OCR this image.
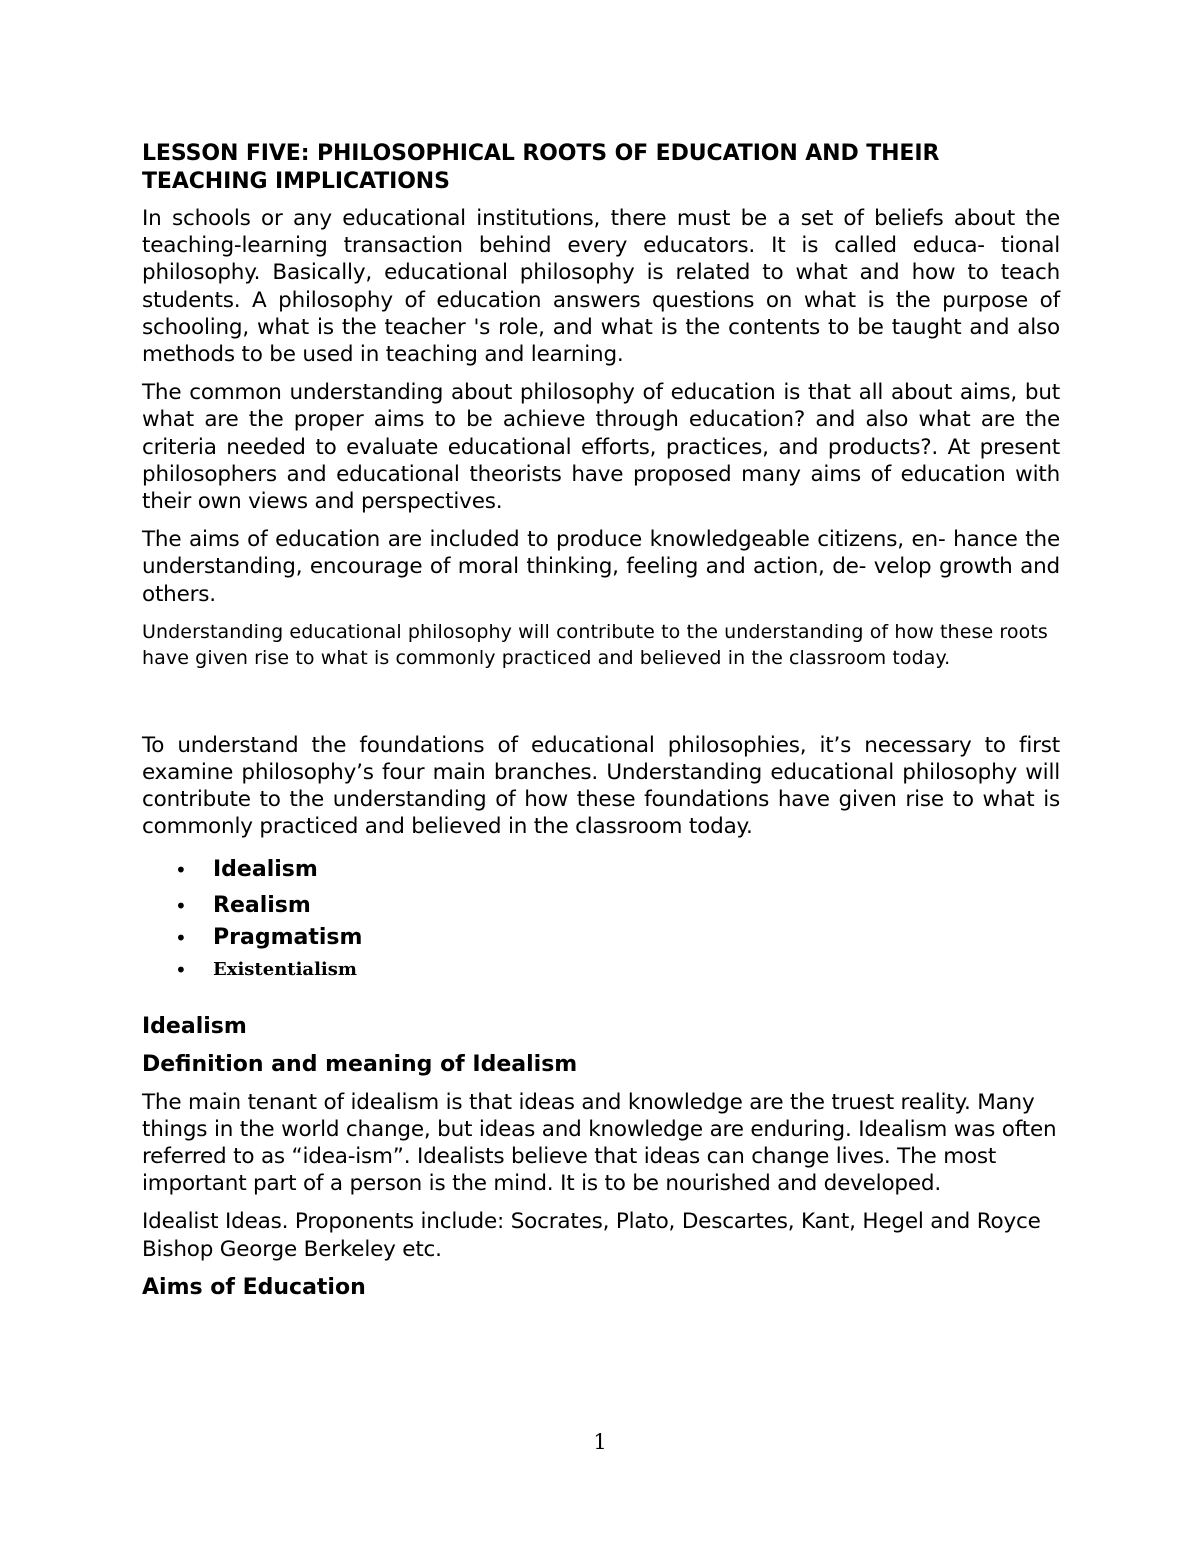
LESSON FIVE: PHILOSOPHICAL ROOTS OF EDUCATION AND THEIR TEACHING IMPLICATIONS
In schools or any educational institutions, there must be a set of beliefs about the teaching-learning transaction behind every educators. It is called educa- tional philosophy. Basically, educational philosophy is related to what and how to teach students. A philosophy of education answers questions on what is the purpose of schooling, what is the teacher 's role, and what is the contents to be taught and also methods to be used in teaching and learning.
The common understanding about philosophy of education is that all about aims, but what are the proper aims to be achieve through education? and also what are the criteria needed to evaluate educational efforts, practices, and products?. At present philosophers and educational theorists have proposed many aims of education with their own views and perspectives.
The aims of education are included to produce knowledgeable citizens, en- hance the understanding, encourage of moral thinking, feeling and action, de- velop growth and others.
Understanding educational philosophy will contribute to the understanding of how these roots have given rise to what is commonly practiced and believed in the classroom today.
To understand the foundations of educational philosophies, it’s necessary to first examine philosophy’s four main branches. Understanding educational philosophy will contribute to the understanding of how these foundations have given rise to what is commonly practiced and believed in the classroom today.
• Idealism
• Realism
• Pragmatism
• Existentialism
Idealism
Definition and meaning of Idealism
The main tenant of idealism is that ideas and knowledge are the truest reality. Many things in the world change, but ideas and knowledge are enduring. Idealism was often referred to as “idea-ism”. Idealists believe that ideas can change lives. The most important part of a person is the mind. It is to be nourished and developed.
Idealist Ideas. Proponents include: Socrates, Plato, Descartes, Kant, Hegel and Royce Bishop George Berkeley etc.
Aims of Education
1
